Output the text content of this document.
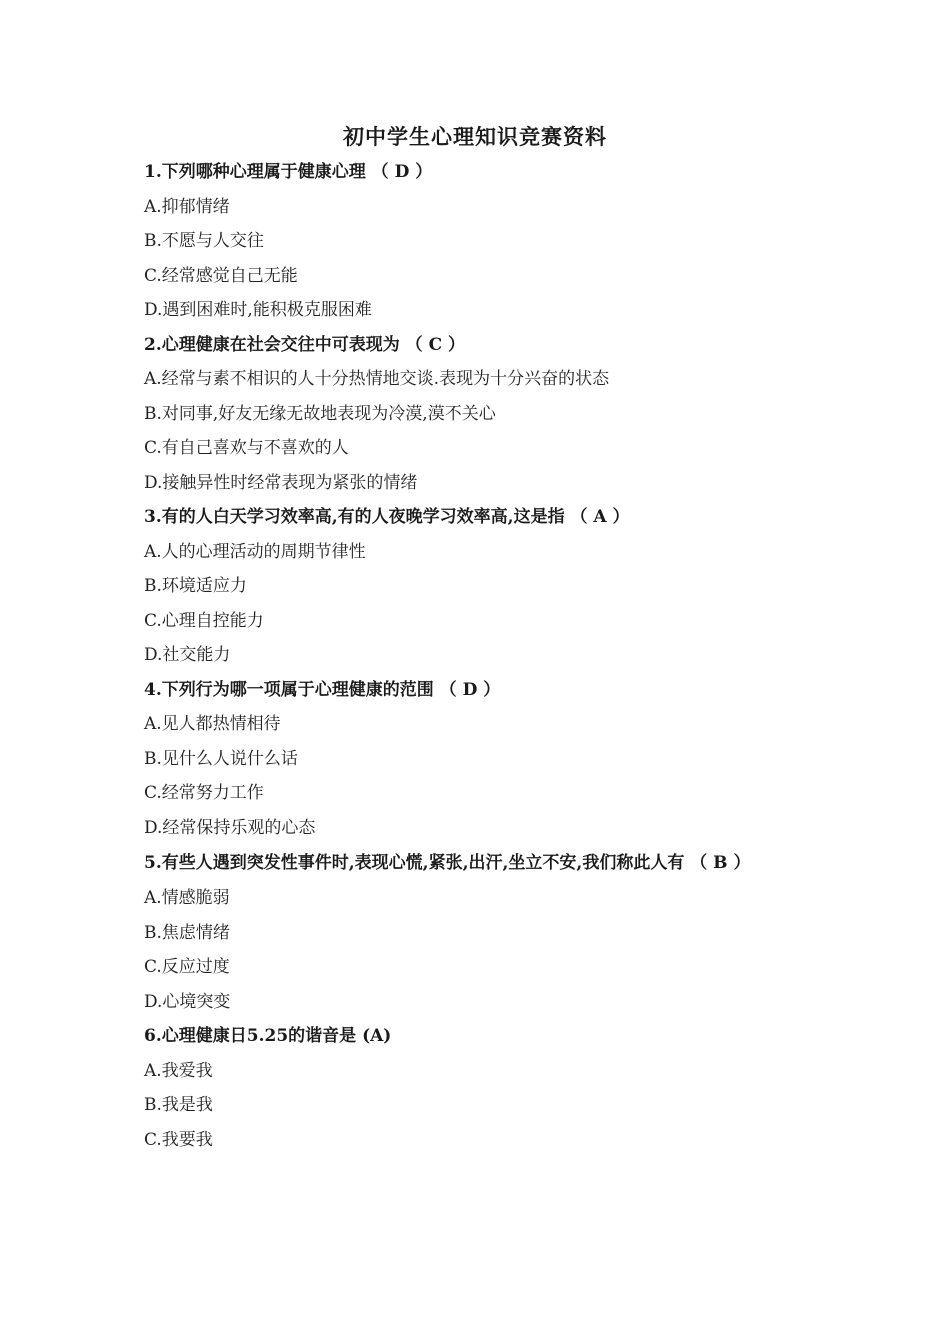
初中学生心理知识竞赛资料

1.下列哪种心理属于健康心理 （ D ）

A.抑郁情绪

B.不愿与人交往

C.经常感觉自己无能

D.遇到困难时,能积极克服困难

2.心理健康在社会交往中可表现为 （ C ）

A.经常与素不相识的人十分热情地交谈.表现为十分兴奋的状态

B.对同事,好友无缘无故地表现为冷漠,漠不关心

C.有自己喜欢与不喜欢的人

D.接触异性时经常表现为紧张的情绪

3.有的人白天学习效率高,有的人夜晚学习效率高,这是指 （ A ）

A.人的心理活动的周期节律性

B.环境适应力

C.心理自控能力

D.社交能力

4.下列行为哪一项属于心理健康的范围 （ D ）

A.见人都热情相待

B.见什么人说什么话

C.经常努力工作

D.经常保持乐观的心态

5.有些人遇到突发性事件时,表现心慌,紧张,出汗,坐立不安,我们称此人有 （ B ）

A.情感脆弱

B.焦虑情绪

C.反应过度

D.心境突变

6.心理健康日5.25的谐音是 (A)

A.我爱我

B.我是我

C.我要我
